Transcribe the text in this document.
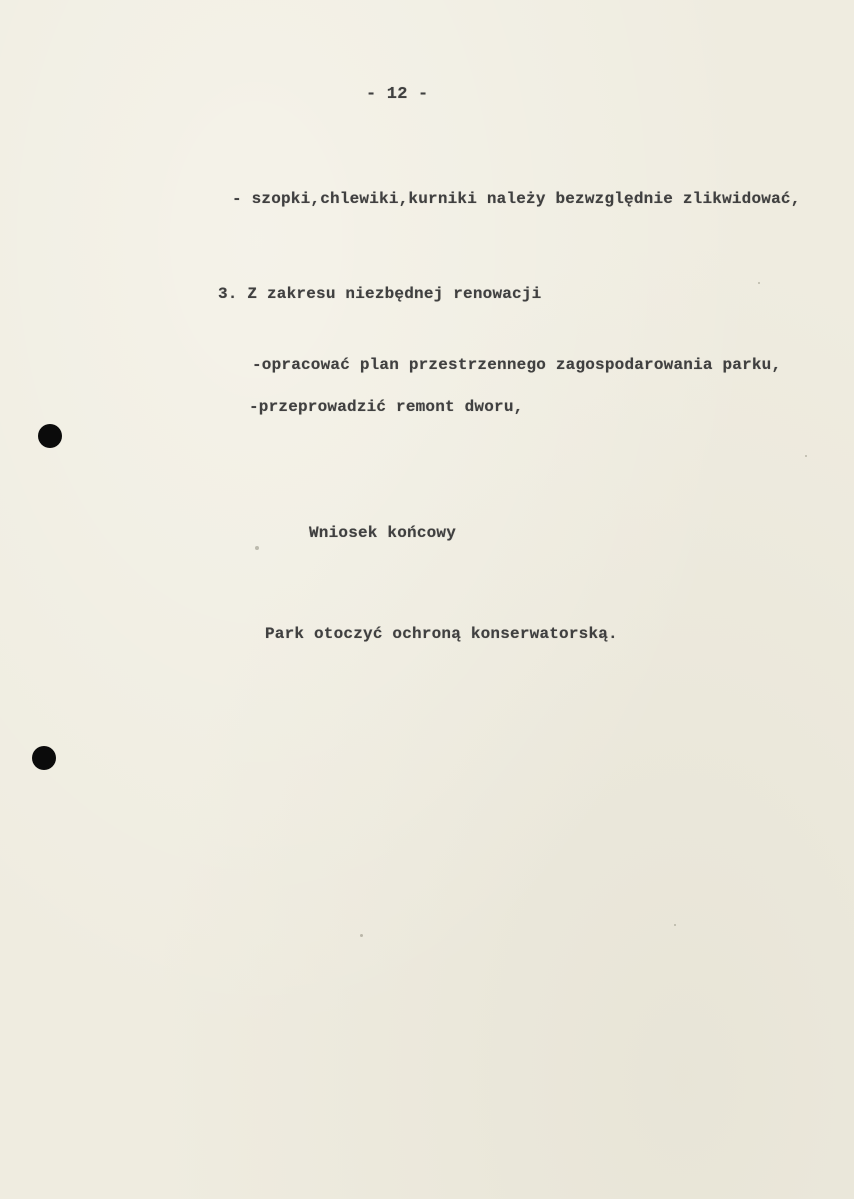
- 12 -
- szopki,chlewiki,kurniki należy bezwzględnie zlikwidować,
3. Z zakresu niezbędnej renowacji
-opracować plan przestrzennego zagospodarowania parku,
-przeprowadzić remont dworu,
Wniosek końcowy
Park otoczyć ochroną konserwatorską.
